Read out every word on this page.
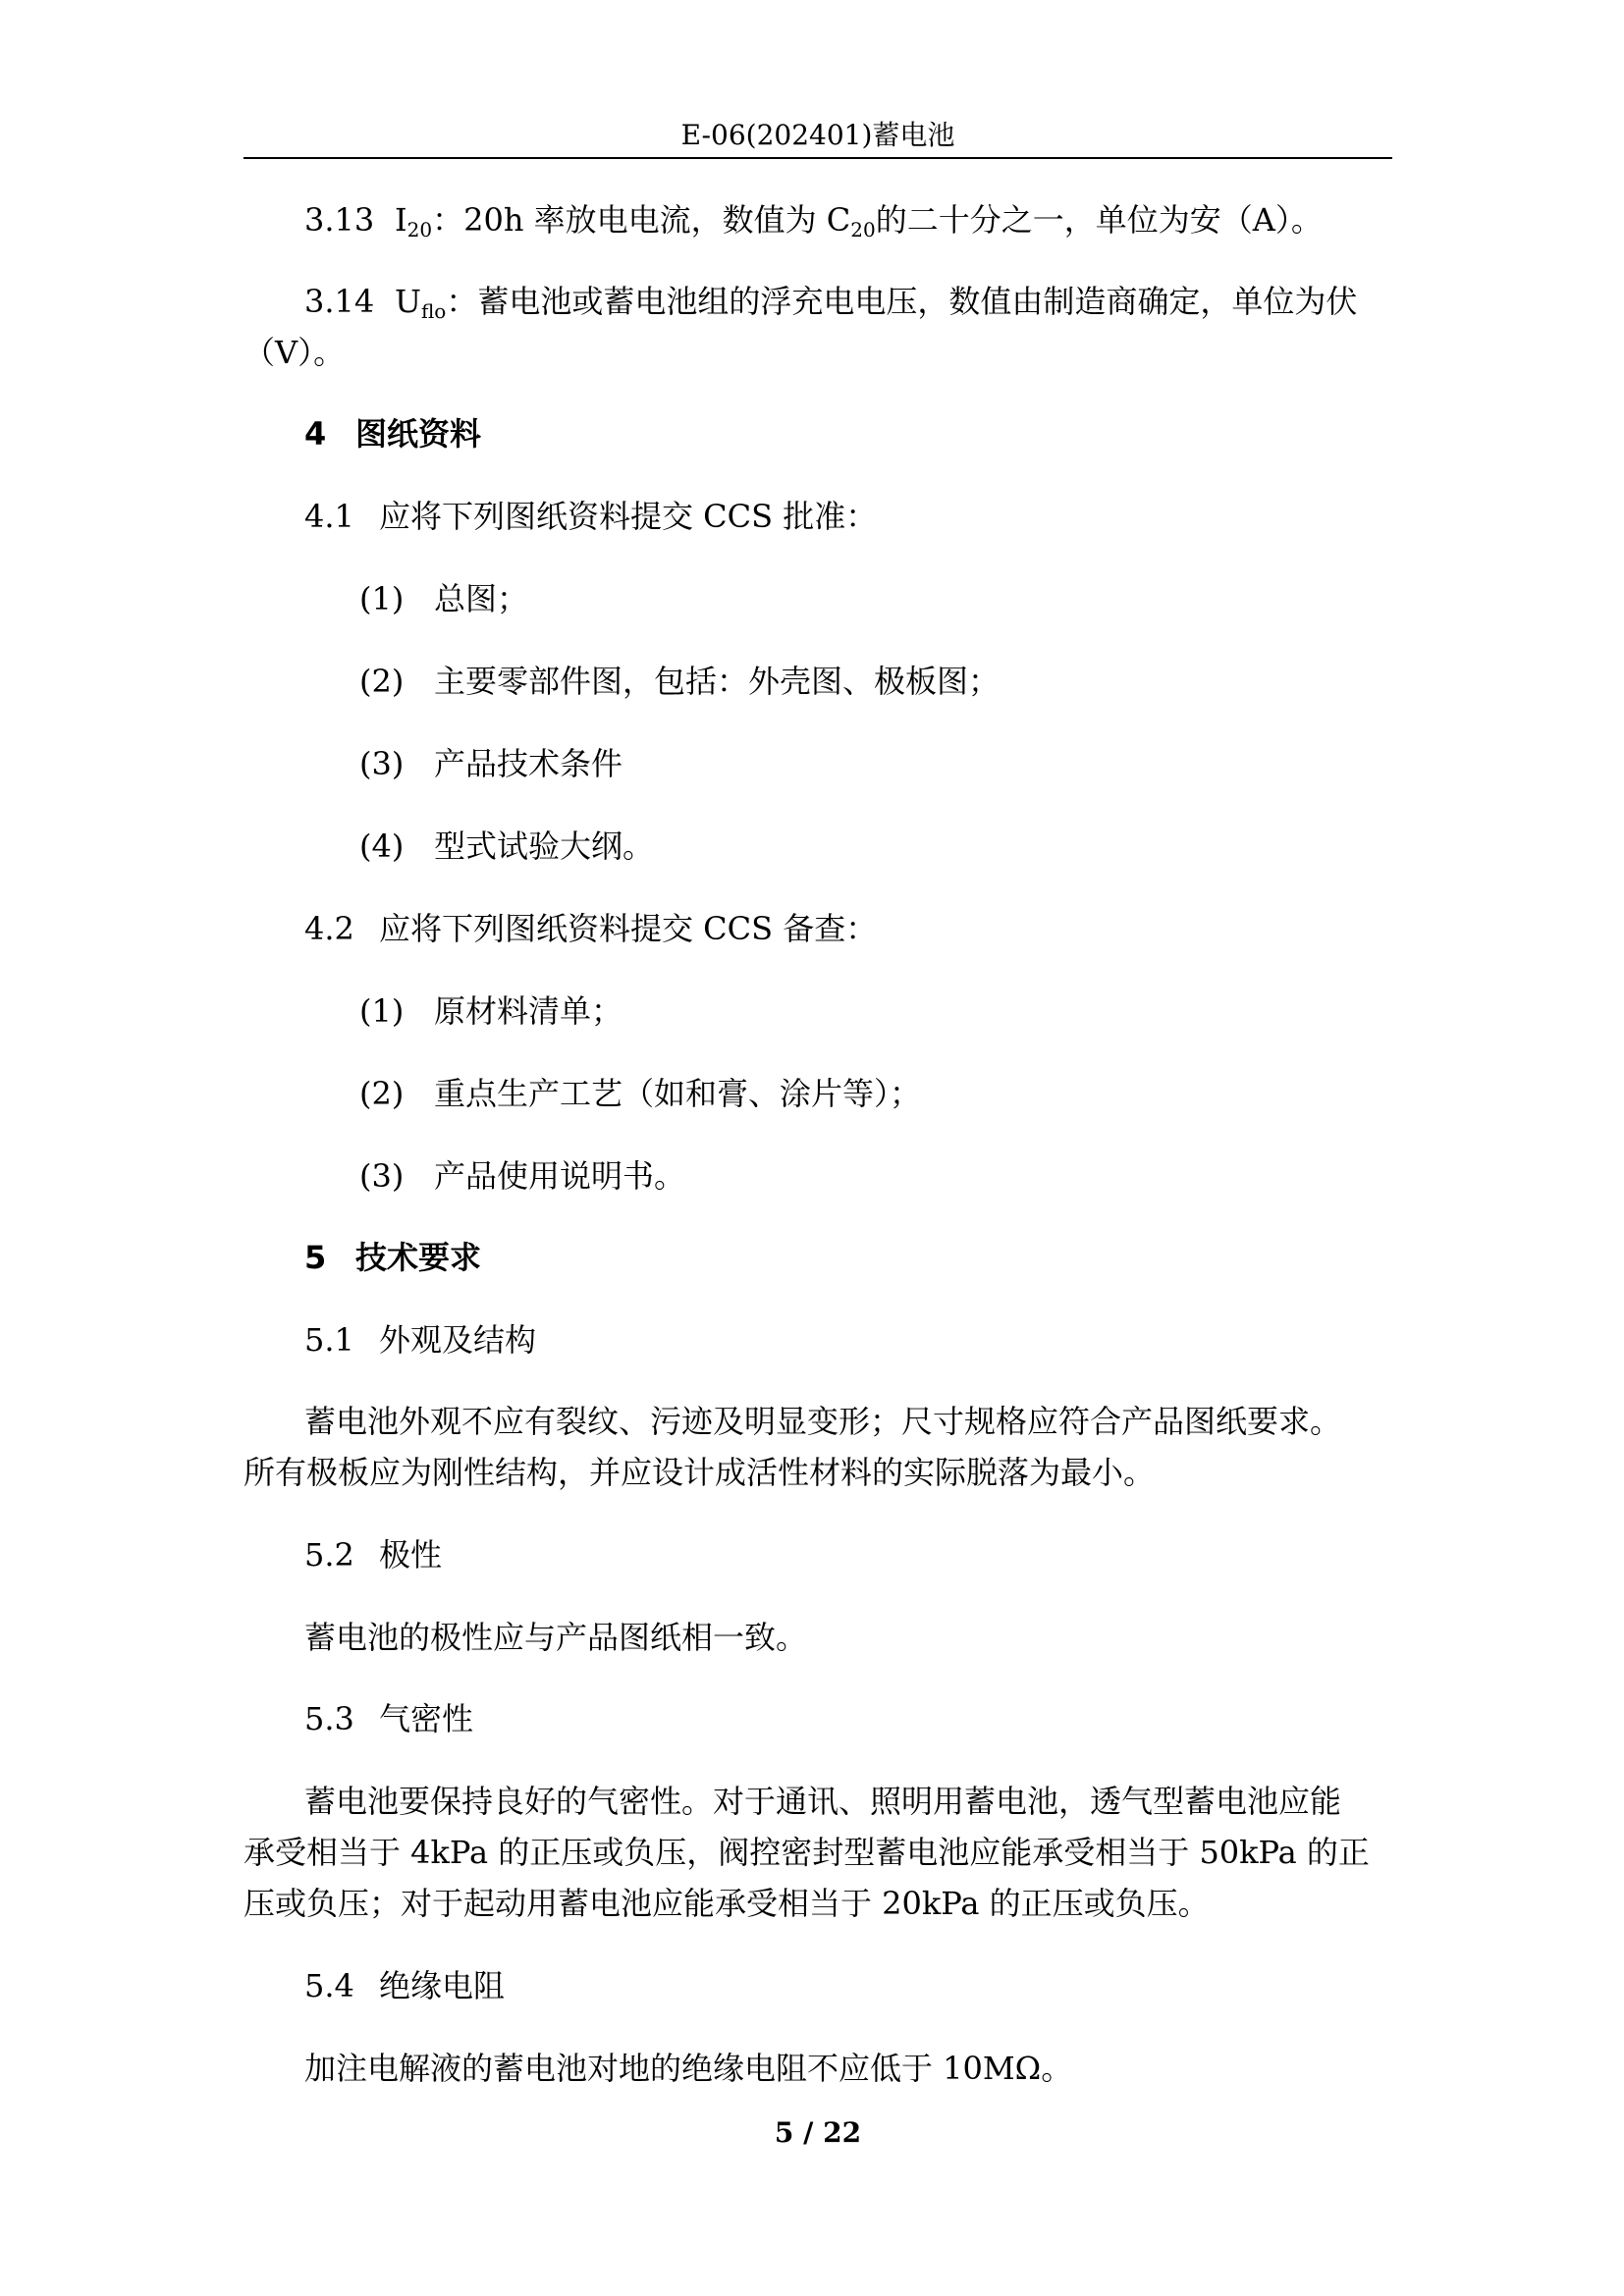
E-06(202401)蓄电池
3.13 $I_{20}$：20h 率放电电流，数值为 $C_{20}$的二十分之一，单位为安（A）。
3.14 $U_{flo}$：蓄电池或蓄电池组的浮充电电压，数值由制造商确定，单位为伏
（V）。
4 图纸资料
4.1 应将下列图纸资料提交 CCS 批准：
(1) 总图；
(2) 主要零部件图，包括：外壳图、极板图；
(3) 产品技术条件
(4) 型式试验大纲。
4.2 应将下列图纸资料提交 CCS 备查：
(1) 原材料清单；
(2) 重点生产工艺（如和膏、涂片等）；
(3) 产品使用说明书。
5 技术要求
5.1 外观及结构
蓄电池外观不应有裂纹、污迹及明显变形；尺寸规格应符合产品图纸要求。
所有极板应为刚性结构，并应设计成活性材料的实际脱落为最小。
5.2 极性
蓄电池的极性应与产品图纸相一致。
5.3 气密性
蓄电池要保持良好的气密性。对于通讯、照明用蓄电池，透气型蓄电池应能
承受相当于 4kPa 的正压或负压，阀控密封型蓄电池应能承受相当于 50kPa 的正
压或负压；对于起动用蓄电池应能承受相当于 20kPa 的正压或负压。
5.4 绝缘电阻
加注电解液的蓄电池对地的绝缘电阻不应低于 10MΩ。
5 / 22
